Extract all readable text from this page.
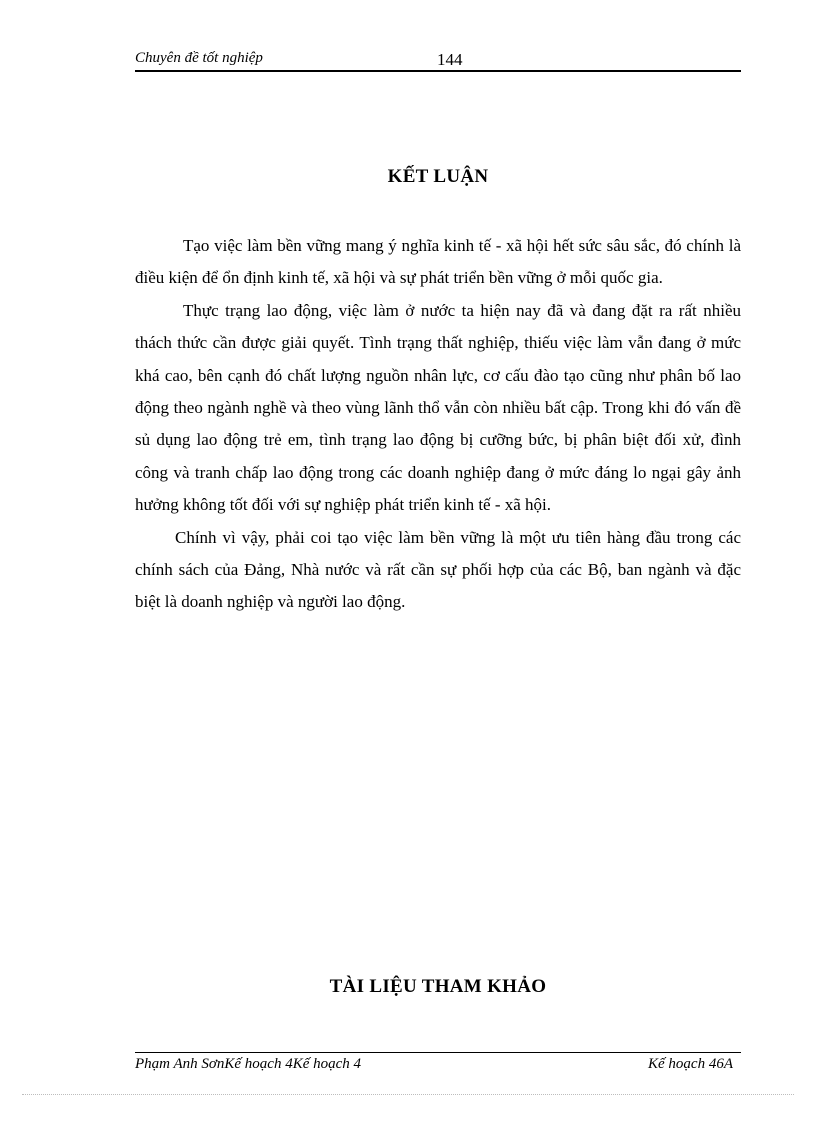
Chuyên đề tốt nghiệp	144
KẾT LUẬN

Tạo việc làm bền vững mang ý nghĩa kinh tế - xã hội hết sức sâu sắc, đó chính là điều kiện để ổn định kinh tế, xã hội và sự phát triển bền vững ở mỗi quốc gia.

Thực trạng lao động, việc làm ở nước ta hiện nay đã và đang đặt ra rất nhiều thách thức cần được giải quyết. Tình trạng thất nghiệp, thiếu việc làm vẫn đang ở mức khá cao, bên cạnh đó chất lượng nguồn nhân lực, cơ cấu đào tạo cũng như phân bố lao động theo ngành nghề và theo vùng lãnh thổ vẫn còn nhiều bất cập. Trong khi đó vấn đề sủ dụng lao động trẻ em, tình trạng lao động bị cưỡng bức, bị phân biệt đối xử, đình công và tranh chấp lao động trong các doanh nghiệp đang ở mức đáng lo ngại gây ảnh hưởng không tốt đối với sự nghiệp phát triển kinh tế - xã hội.

Chính vì vậy, phải coi tạo việc làm bền vững là một ưu tiên hàng đầu trong các chính sách của Đảng, Nhà nước và rất cần sự phối hợp của các Bộ, ban ngành và đặc biệt là doanh nghiệp và người lao động.

TÀI LIỆU THAM KHẢO
Phạm Anh SơnKế hoạch 4Kế hoạch 4	Kế hoạch 46A
